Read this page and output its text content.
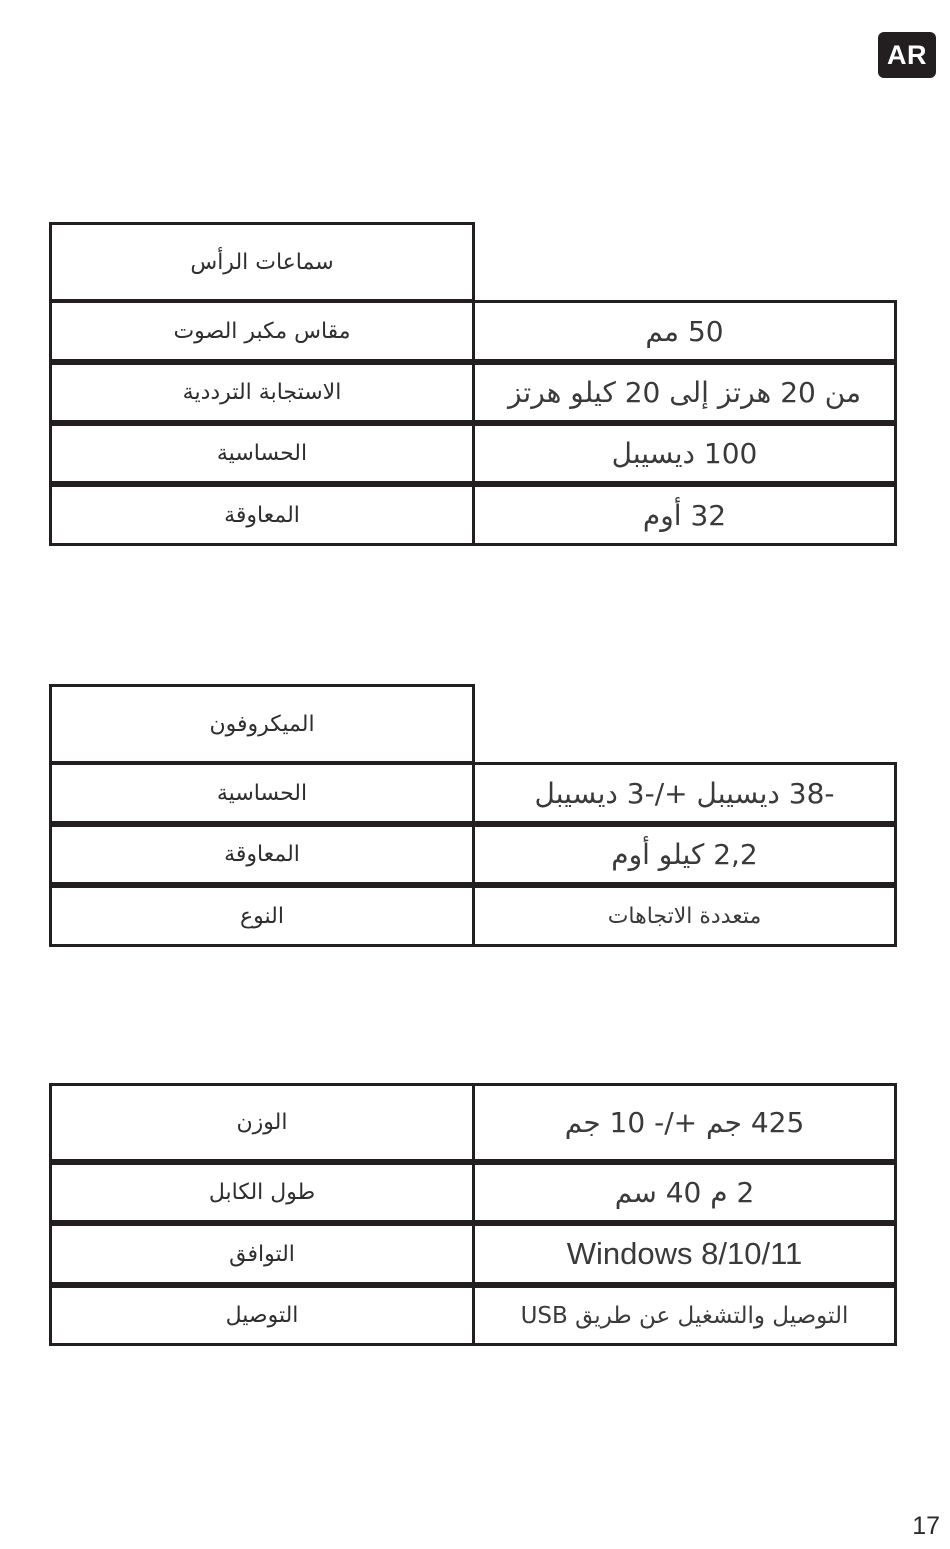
AR
سماعات الرأس
مقاس مكبر الصوت	50 مم
الاستجابة الترددية	من 20 هرتز إلى 20 كيلو هرتز
الحساسية	100 ديسيبل
المعاوقة	32 أوم
الميكروفون
الحساسية	-38 ديسيبل +/-3 ديسيبل
المعاوقة	2,2 كيلو أوم
النوع	متعددة الاتجاهات
الوزن	425 جم +/- 10 جم
طول الكابل	2 م 40 سم
التوافق	Windows 8/10/11
التوصيل	التوصيل والتشغيل عن طريق USB
17
